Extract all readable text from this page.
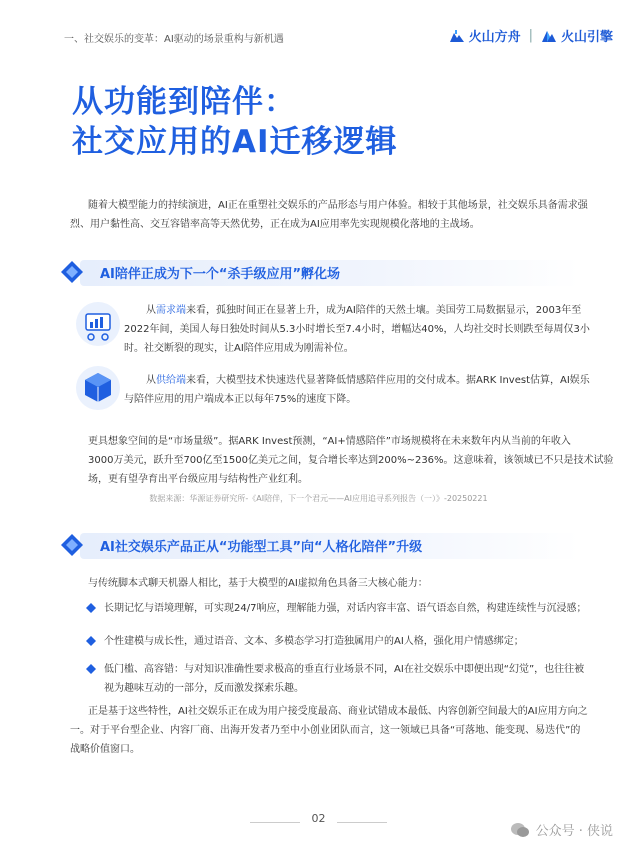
一、社交娱乐的变革：AI驱动的场景重构与新机遇	火山方舟 | 火山引擎
从功能到陪伴：
社交应用的AI迁移逻辑
随着大模型能力的持续演进，AI正在重塑社交娱乐的产品形态与用户体验。相较于其他场景，社交娱乐具备需求强
烈、用户黏性高、交互容错率高等天然优势，正在成为AI应用率先实现规模化落地的主战场。
AI陪伴正成为下一个“杀手级应用”孵化场
从需求端来看，孤独时间正在显著上升，成为AI陪伴的天然土壤。美国劳工局数据显示，2003年至
2022年间，美国人每日独处时间从5.3小时增长至7.4小时，增幅达40%，人均社交时长则跌至每周仅3小
时。社交断裂的现实，让AI陪伴应用成为刚需补位。
从供给端来看，大模型技术快速迭代显著降低情感陪伴应用的交付成本。据ARK Invest估算，AI娱乐
与陪伴应用的用户端成本正以每年75%的速度下降。
更具想象空间的是“市场量级”。据ARK Invest预测，“AI+情感陪伴”市场规模将在未来数年内从当前的年收入
3000万美元，跃升至700亿至1500亿美元之间，复合增长率达到200%~236%。这意味着，该领域已不只是技术试验
场，更有望孕育出平台级应用与结构性产业红利。
数据来源：华源证券研究所-《AI陪伴，下一个君元——AI应用追寻系列报告（一）》-20250221
AI社交娱乐产品正从“功能型工具”向“人格化陪伴”升级
与传统脚本式聊天机器人相比，基于大模型的AI虚拟角色具备三大核心能力：
长期记忆与语境理解，可实现24/7响应，理解能力强，对话内容丰富、语气语态自然，构建连续性与沉浸感；
个性建模与成长性，通过语音、文本、多模态学习打造独属用户的AI人格，强化用户情感绑定；
低门槛、高容错：与对知识准确性要求极高的垂直行业场景不同，AI在社交娱乐中即便出现“幻觉”，也往往被
视为趣味互动的一部分，反而激发探索乐趣。
正是基于这些特性，AI社交娱乐正在成为用户接受度最高、商业试错成本最低、内容创新空间最大的AI应用方向之
一。对于平台型企业、内容厂商、出海开发者乃至中小创业团队而言，这一领域已具备“可落地、能变现、易迭代”的
战略价值窗口。
02
公众号 · 侠说
